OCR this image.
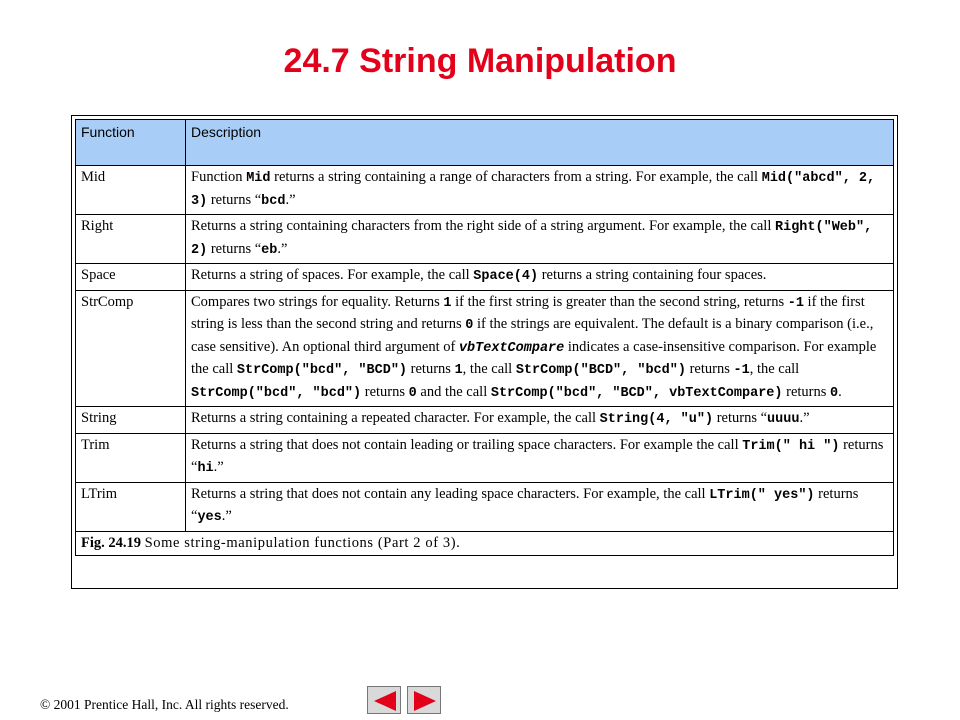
24.7 String Manipulation
Function	Description
Mid	Function Mid returns a string containing a range of characters from a string. For example, the call Mid("abcd", 2, 3) returns “bcd.”
Right	Returns a string containing characters from the right side of a string argument. For example, the call Right("Web", 2) returns “eb.”
Space	Returns a string of spaces. For example, the call Space(4) returns a string containing four spaces.
StrComp	Compares two strings for equality. Returns 1 if the first string is greater than the second string, returns -1 if the first string is less than the second string and returns 0 if the strings are equivalent. The default is a binary comparison (i.e., case sensitive). An optional third argument of vbTextCompare indicates a case-insensitive comparison. For example the call StrComp("bcd", "BCD") returns 1, the call StrComp("BCD", "bcd") returns -1, the call StrComp("bcd", "bcd") returns 0 and the call StrComp("bcd", "BCD", vbTextCompare) returns 0.
String	Returns a string containing a repeated character. For example, the call String(4, "u") returns “uuuu.”
Trim	Returns a string that does not contain leading or trailing space characters. For example the call Trim(" hi ") returns “hi.”
LTrim	Returns a string that does not contain any leading space characters. For example, the call LTrim(" yes") returns “yes.”
Fig. 24.19 Some string-manipulation functions (Part 2 of 3).	
© 2001 Prentice Hall, Inc. All rights reserved.
